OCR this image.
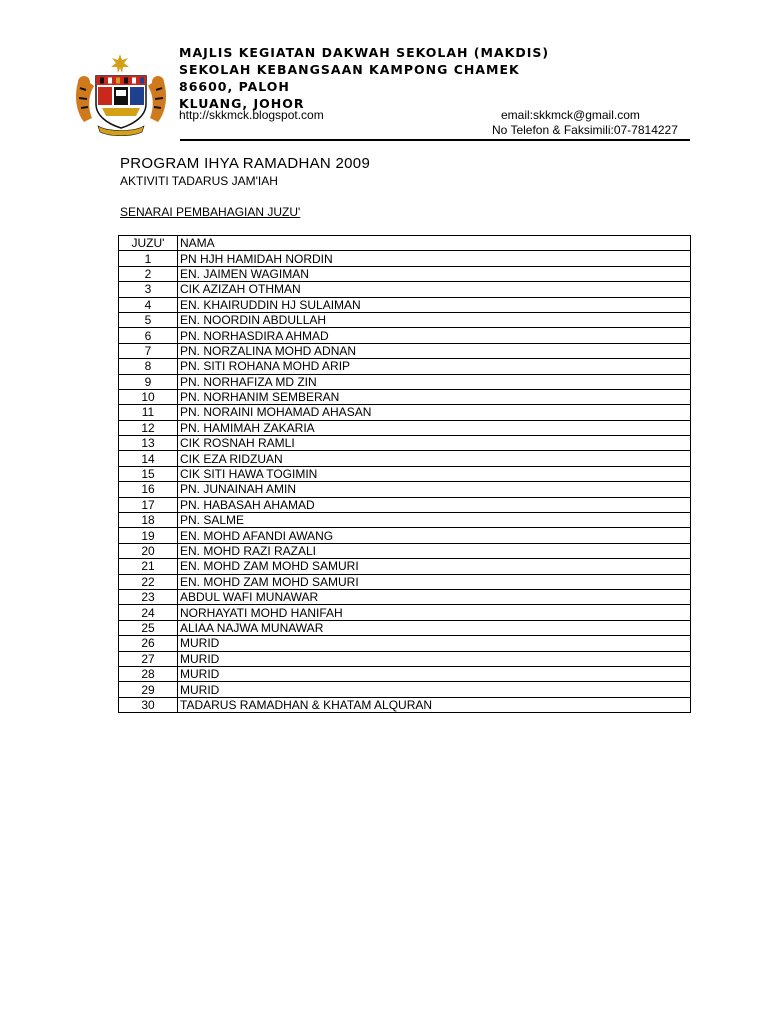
MAJLIS KEGIATAN DAKWAH SEKOLAH (MAKDIS)
SEKOLAH KEBANGSAAN KAMPONG CHAMEK
86600, PALOH
KLUANG, JOHOR
http://skkmck.blogspot.com	email:skkmck@gmail.com
No Telefon & Faksimili:07-7814227
PROGRAM IHYA RAMADHAN 2009
AKTIVITI TADARUS JAM'IAH
SENARAI PEMBAHAGIAN JUZU'
JUZU'	NAMA
1	PN HJH HAMIDAH NORDIN
2	EN. JAIMEN WAGIMAN
3	CIK AZIZAH OTHMAN
4	EN. KHAIRUDDIN HJ SULAIMAN
5	EN. NOORDIN ABDULLAH
6	PN. NORHASDIRA AHMAD
7	PN. NORZALINA MOHD ADNAN
8	PN. SITI ROHANA MOHD ARIP
9	PN. NORHAFIZA MD ZIN
10	PN. NORHANIM SEMBERAN
11	PN. NORAINI MOHAMAD AHASAN
12	PN. HAMIMAH ZAKARIA
13	CIK ROSNAH RAMLI
14	CIK EZA RIDZUAN
15	CIK SITI HAWA TOGIMIN
16	PN. JUNAINAH AMIN
17	PN. HABASAH AHAMAD
18	PN. SALME
19	EN. MOHD AFANDI AWANG
20	EN. MOHD RAZI RAZALI
21	EN. MOHD ZAM MOHD SAMURI
22	EN. MOHD ZAM MOHD SAMURI
23	ABDUL WAFI MUNAWAR
24	NORHAYATI MOHD HANIFAH
25	ALIAA NAJWA MUNAWAR
26	MURID
27	MURID
28	MURID
29	MURID
30	TADARUS RAMADHAN & KHATAM ALQURAN
